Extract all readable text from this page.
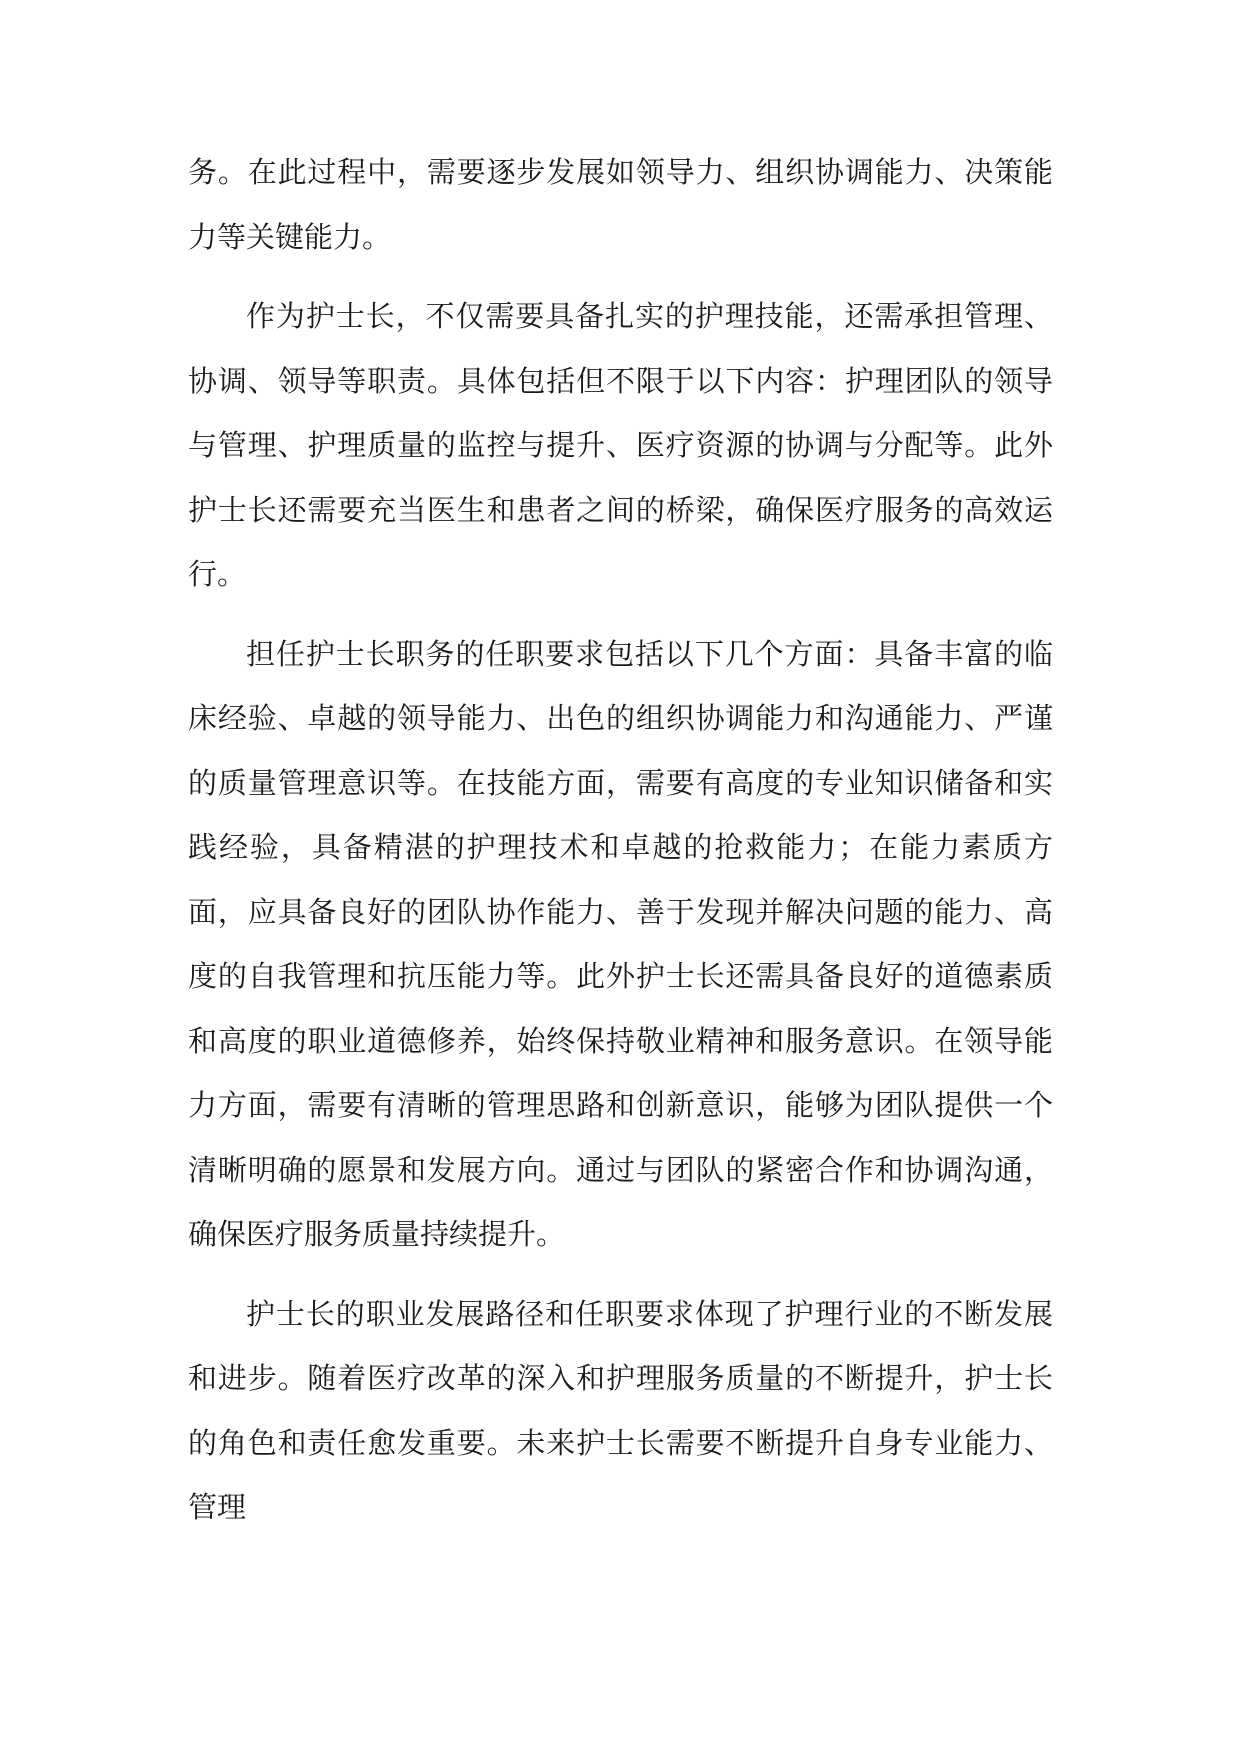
务。在此过程中，需要逐步发展如领导力、组织协调能力、决策能力等关键能力。

作为护士长，不仅需要具备扎实的护理技能，还需承担管理、协调、领导等职责。具体包括但不限于以下内容：护理团队的领导与管理、护理质量的监控与提升、医疗资源的协调与分配等。此外护士长还需要充当医生和患者之间的桥梁，确保医疗服务的高效运行。

担任护士长职务的任职要求包括以下几个方面：具备丰富的临床经验、卓越的领导能力、出色的组织协调能力和沟通能力、严谨的质量管理意识等。在技能方面，需要有高度的专业知识储备和实践经验，具备精湛的护理技术和卓越的抢救能力；在能力素质方面，应具备良好的团队协作能力、善于发现并解决问题的能力、高度的自我管理和抗压能力等。此外护士长还需具备良好的道德素质和高度的职业道德修养，始终保持敬业精神和服务意识。在领导能力方面，需要有清晰的管理思路和创新意识，能够为团队提供一个清晰明确的愿景和发展方向。通过与团队的紧密合作和协调沟通，确保医疗服务质量持续提升。

护士长的职业发展路径和任职要求体现了护理行业的不断发展和进步。随着医疗改革的深入和护理服务质量的不断提升，护士长的角色和责任愈发重要。未来护士长需要不断提升自身专业能力、管理
